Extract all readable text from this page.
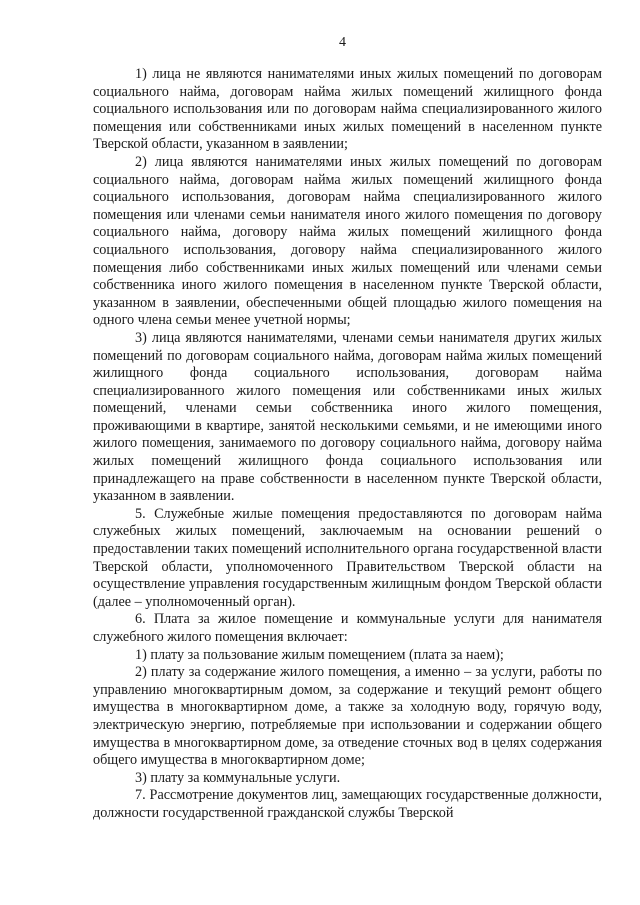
4

1) лица не являются нанимателями иных жилых помещений по договорам социального найма, договорам найма жилых помещений жилищного фонда социального использования или по договорам найма специализированного жилого помещения или собственниками иных жилых помещений в населенном пункте Тверской области, указанном в заявлении;

2) лица являются нанимателями иных жилых помещений по договорам социального найма, договорам найма жилых помещений жилищного фонда социального использования, договорам найма специализированного жилого помещения или членами семьи нанимателя иного жилого помещения по договору социального найма, договору найма жилых помещений жилищного фонда социального использования, договору найма специализированного жилого помещения либо собственниками иных жилых помещений или членами семьи собственника иного жилого помещения в населенном пункте Тверской области, указанном в заявлении, обеспеченными общей площадью жилого помещения на одного члена семьи менее учетной нормы;

3) лица являются нанимателями, членами семьи нанимателя других жилых помещений по договорам социального найма, договорам найма жилых помещений жилищного фонда социального использования, договорам найма специализированного жилого помещения или собственниками иных жилых помещений, членами семьи собственника иного жилого помещения, проживающими в квартире, занятой несколькими семьями, и не имеющими иного жилого помещения, занимаемого по договору социального найма, договору найма жилых помещений жилищного фонда социального использования или принадлежащего на праве собственности в населенном пункте Тверской области, указанном в заявлении.

5. Служебные жилые помещения предоставляются по договорам найма служебных жилых помещений, заключаемым на основании решений о предоставлении таких помещений исполнительного органа государственной власти Тверской области, уполномоченного Правительством Тверской области на осуществление управления государственным жилищным фондом Тверской области (далее – уполномоченный орган).

6. Плата за жилое помещение и коммунальные услуги для нанимателя служебного жилого помещения включает:

1) плату за пользование жилым помещением (плата за наем);

2) плату за содержание жилого помещения, а именно – за услуги, работы по управлению многоквартирным домом, за содержание и текущий ремонт общего имущества в многоквартирном доме, а также за холодную воду, горячую воду, электрическую энергию, потребляемые при использовании и содержании общего имущества в многоквартирном доме, за отведение сточных вод в целях содержания общего имущества в многоквартирном доме;

3) плату за коммунальные услуги.

7. Рассмотрение документов лиц, замещающих государственные должности, должности государственной гражданской службы Тверской
